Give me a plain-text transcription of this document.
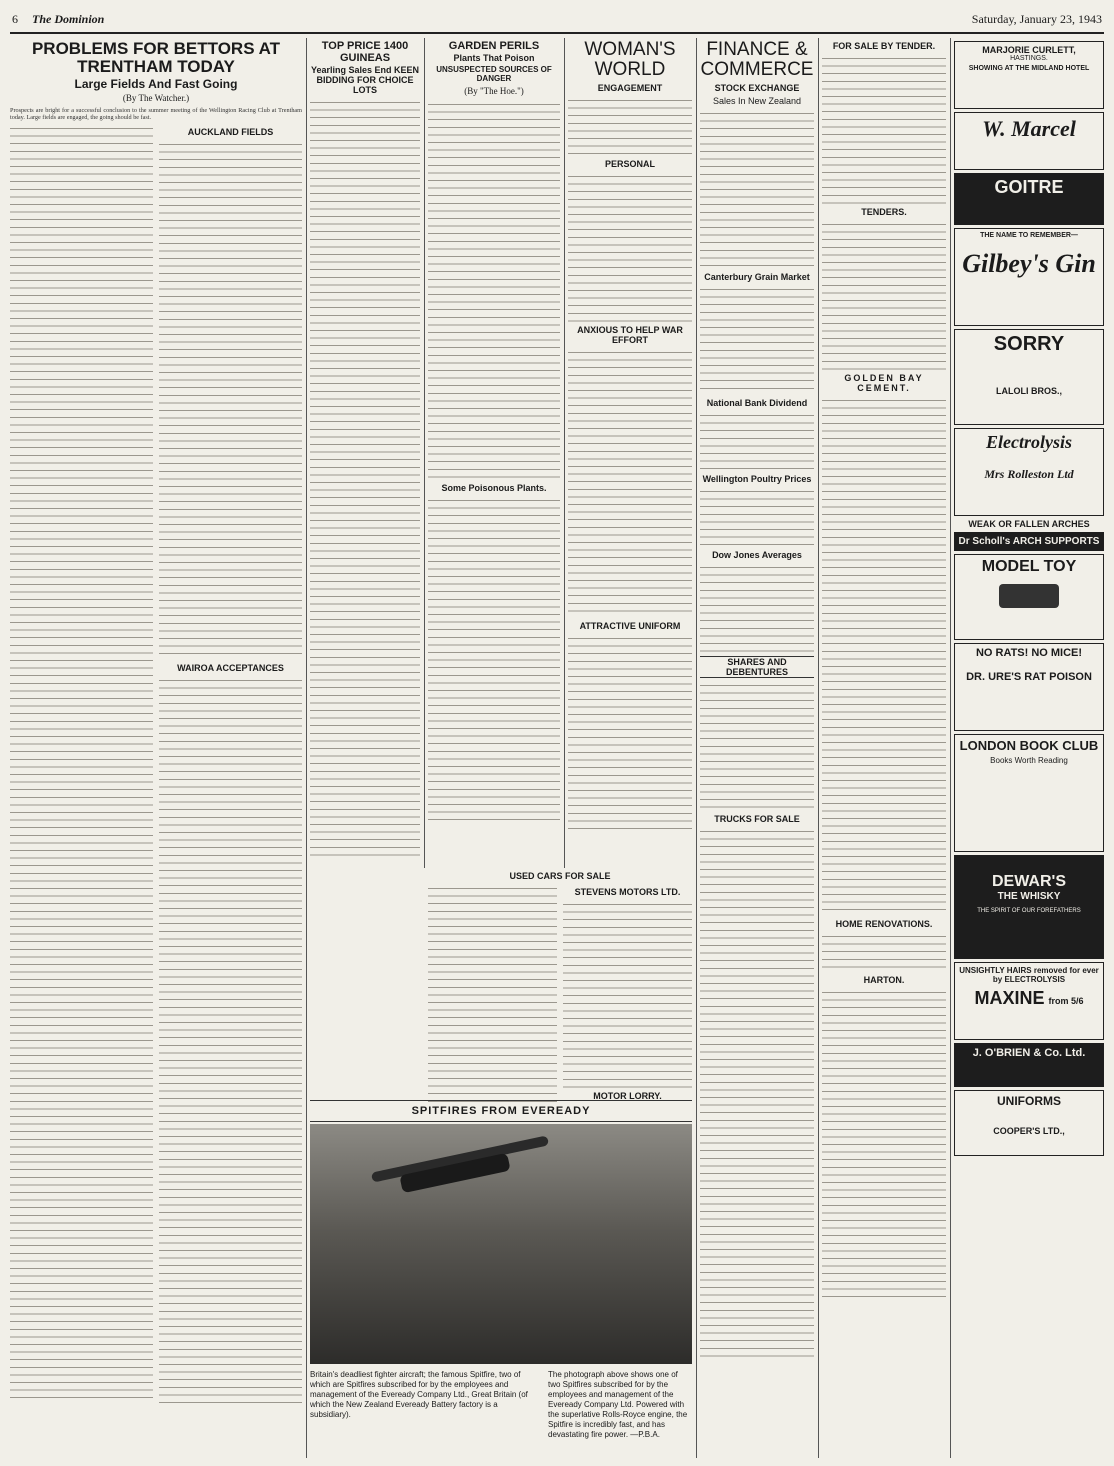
6 The Dominion	Saturday, January 23, 1943
PROBLEMS FOR BETTORS AT TRENTHAM TODAY
Large Fields And Fast Going
(By The Watcher.)

Prospects are bright for a successful conclusion to the summer meeting of the Wellington Racing Club at Trentham today. Large fields are engaged, the going should be fast.

AUCKLAND FIELDS
WAIROA ACCEPTANCES
TOP PRICE 1400 GUINEAS
Yearling Sales End KEEN BIDDING FOR CHOICE LOTS
GARDEN PERILS
Plants That Poison
UNSUSPECTED SOURCES OF DANGER
(By "The Hoe.")
Some Poisonous Plants.
WOMAN'S WORLD
ENGAGEMENT
PERSONAL
ANXIOUS TO HELP WAR EFFORT
ATTRACTIVE UNIFORM
USED CARS FOR SALE
STEVENS MOTORS LTD.
MOTOR LORRY.
FINANCE & COMMERCE
STOCK EXCHANGE
Sales In New Zealand
Canterbury Grain Market
National Bank Dividend
Wellington Poultry Prices
Dow Jones Averages
SHARES AND DEBENTURES
TRUCKS FOR SALE
FOR SALE BY TENDER.
TENDERS.
GOLDEN BAY CEMENT.
HOME RENOVATIONS.
HARTON.
MARJORIE CURLETT,
HASTINGS.
SHOWING AT THE MIDLAND HOTEL
W. Marcel
GOITRE
THE NAME TO REMEMBER—
Gilbey's Gin
SORRY
LALOLI BROS.,
Electrolysis
Mrs Rolleston Ltd
WEAK OR FALLEN ARCHES
Dr Scholl's ARCH SUPPORTS
MODEL TOY
NO RATS! NO MICE!
DR. URE'S RAT POISON
LONDON BOOK CLUB
Books Worth Reading
DEWAR'S
THE WHISKY
THE SPIRIT OF OUR FOREFATHERS
UNSIGHTLY HAIRS removed for ever by ELECTROLYSIS
MAXINE from 5/6
J. O'BRIEN & Co. Ltd.
UNIFORMS
COOPER'S LTD.,
SPITFIRES FROM EVEREADY
Britain's deadliest fighter aircraft; the famous Spitfire, two of which are Spitfires subscribed for by the employees and management of the Eveready Company Ltd., Great Britain (of which the New Zealand Eveready Battery factory is a subsidiary).
The photograph above shows one of two Spitfires subscribed for by the employees and management of the Eveready Company Ltd. Powered with the superlative Rolls-Royce engine, the Spitfire is incredibly fast, and has devastating fire power. —P.B.A.
